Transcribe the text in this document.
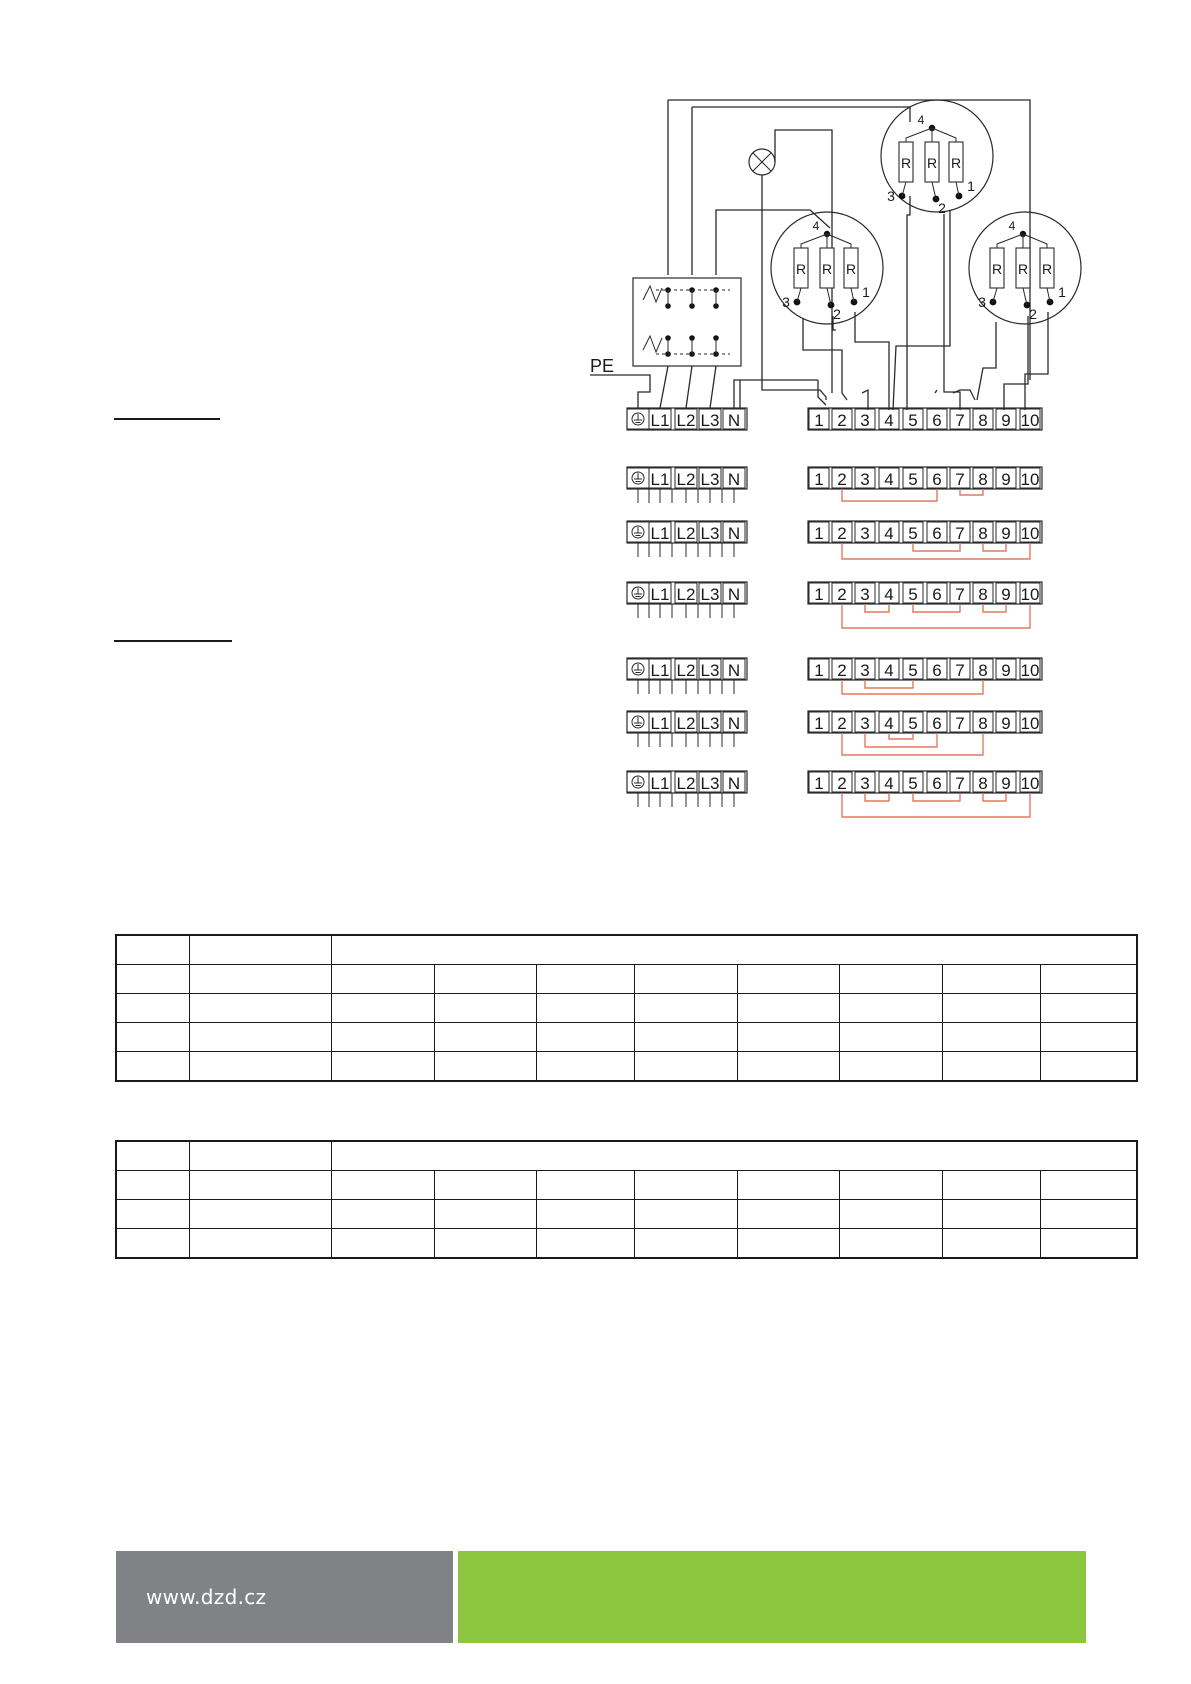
PE
4
R R R
3
2
1
4
R R R
3
2
1
4
R R R
3
2
1
L1 L2 L3 N	1 2 3 4 5 6 7 8 9 10
L1 L2 L3 N	1 2 3 4 5 6 7 8 9 10
L1 L2 L3 N	1 2 3 4 5 6 7 8 9 10
L1 L2 L3 N	1 2 3 4 5 6 7 8 9 10
L1 L2 L3 N	1 2 3 4 5 6 7 8 9 10
L1 L2 L3 N	1 2 3 4 5 6 7 8 9 10
L1 L2 L3 N	1 2 3 4 5 6 7 8 9 10

www.dzd.cz
